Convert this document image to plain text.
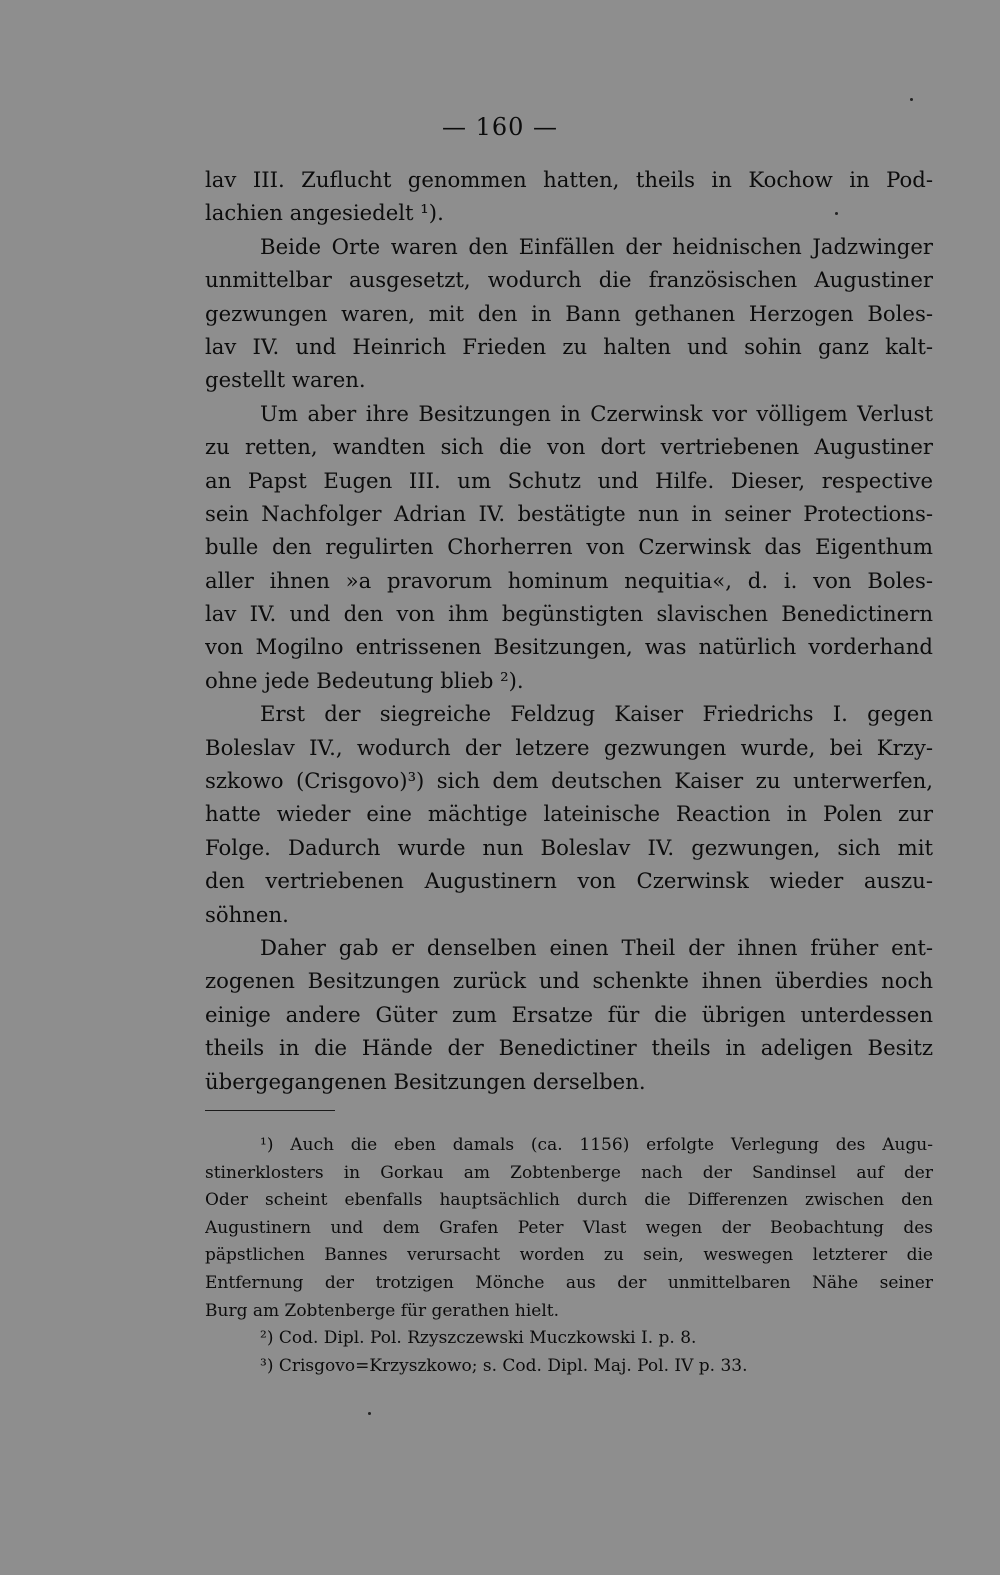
— 160 —
lav III. Zuflucht genommen hatten, theils in Kochow in Pod-
lachien angesiedelt ¹).
Beide Orte waren den Einfällen der heidnischen Jadzwinger
unmittelbar ausgesetzt, wodurch die französischen Augustiner
gezwungen waren, mit den in Bann gethanen Herzogen Boles-
lav IV. und Heinrich Frieden zu halten und sohin ganz kalt-
gestellt waren.
Um aber ihre Besitzungen in Czerwinsk vor völligem Verlust
zu retten, wandten sich die von dort vertriebenen Augustiner
an Papst Eugen III. um Schutz und Hilfe. Dieser, respective
sein Nachfolger Adrian IV. bestätigte nun in seiner Protections-
bulle den regulirten Chorherren von Czerwinsk das Eigenthum
aller ihnen »a pravorum hominum nequitia«, d. i. von Boles-
lav IV. und den von ihm begünstigten slavischen Benedictinern
von Mogilno entrissenen Besitzungen, was natürlich vorderhand
ohne jede Bedeutung blieb ²).
Erst der siegreiche Feldzug Kaiser Friedrichs I. gegen
Boleslav IV., wodurch der letzere gezwungen wurde, bei Krzy-
szkowo (Crisgovo)³) sich dem deutschen Kaiser zu unterwerfen,
hatte wieder eine mächtige lateinische Reaction in Polen zur
Folge. Dadurch wurde nun Boleslav IV. gezwungen, sich mit
den vertriebenen Augustinern von Czerwinsk wieder auszu-
söhnen.
Daher gab er denselben einen Theil der ihnen früher ent-
zogenen Besitzungen zurück und schenkte ihnen überdies noch
einige andere Güter zum Ersatze für die übrigen unterdessen
theils in die Hände der Benedictiner theils in adeligen Besitz
übergegangenen Besitzungen derselben.
¹) Auch die eben damals (ca. 1156) erfolgte Verlegung des Augu-
stinerklosters in Gorkau am Zobtenberge nach der Sandinsel auf der
Oder scheint ebenfalls hauptsächlich durch die Differenzen zwischen den
Augustinern und dem Grafen Peter Vlast wegen der Beobachtung des
päpstlichen Bannes verursacht worden zu sein, weswegen letzterer die
Entfernung der trotzigen Mönche aus der unmittelbaren Nähe seiner
Burg am Zobtenberge für gerathen hielt.
²) Cod. Dipl. Pol. Rzyszczewski Muczkowski I. p. 8.
³) Crisgovo=Krzyszkowo; s. Cod. Dipl. Maj. Pol. IV p. 33.
